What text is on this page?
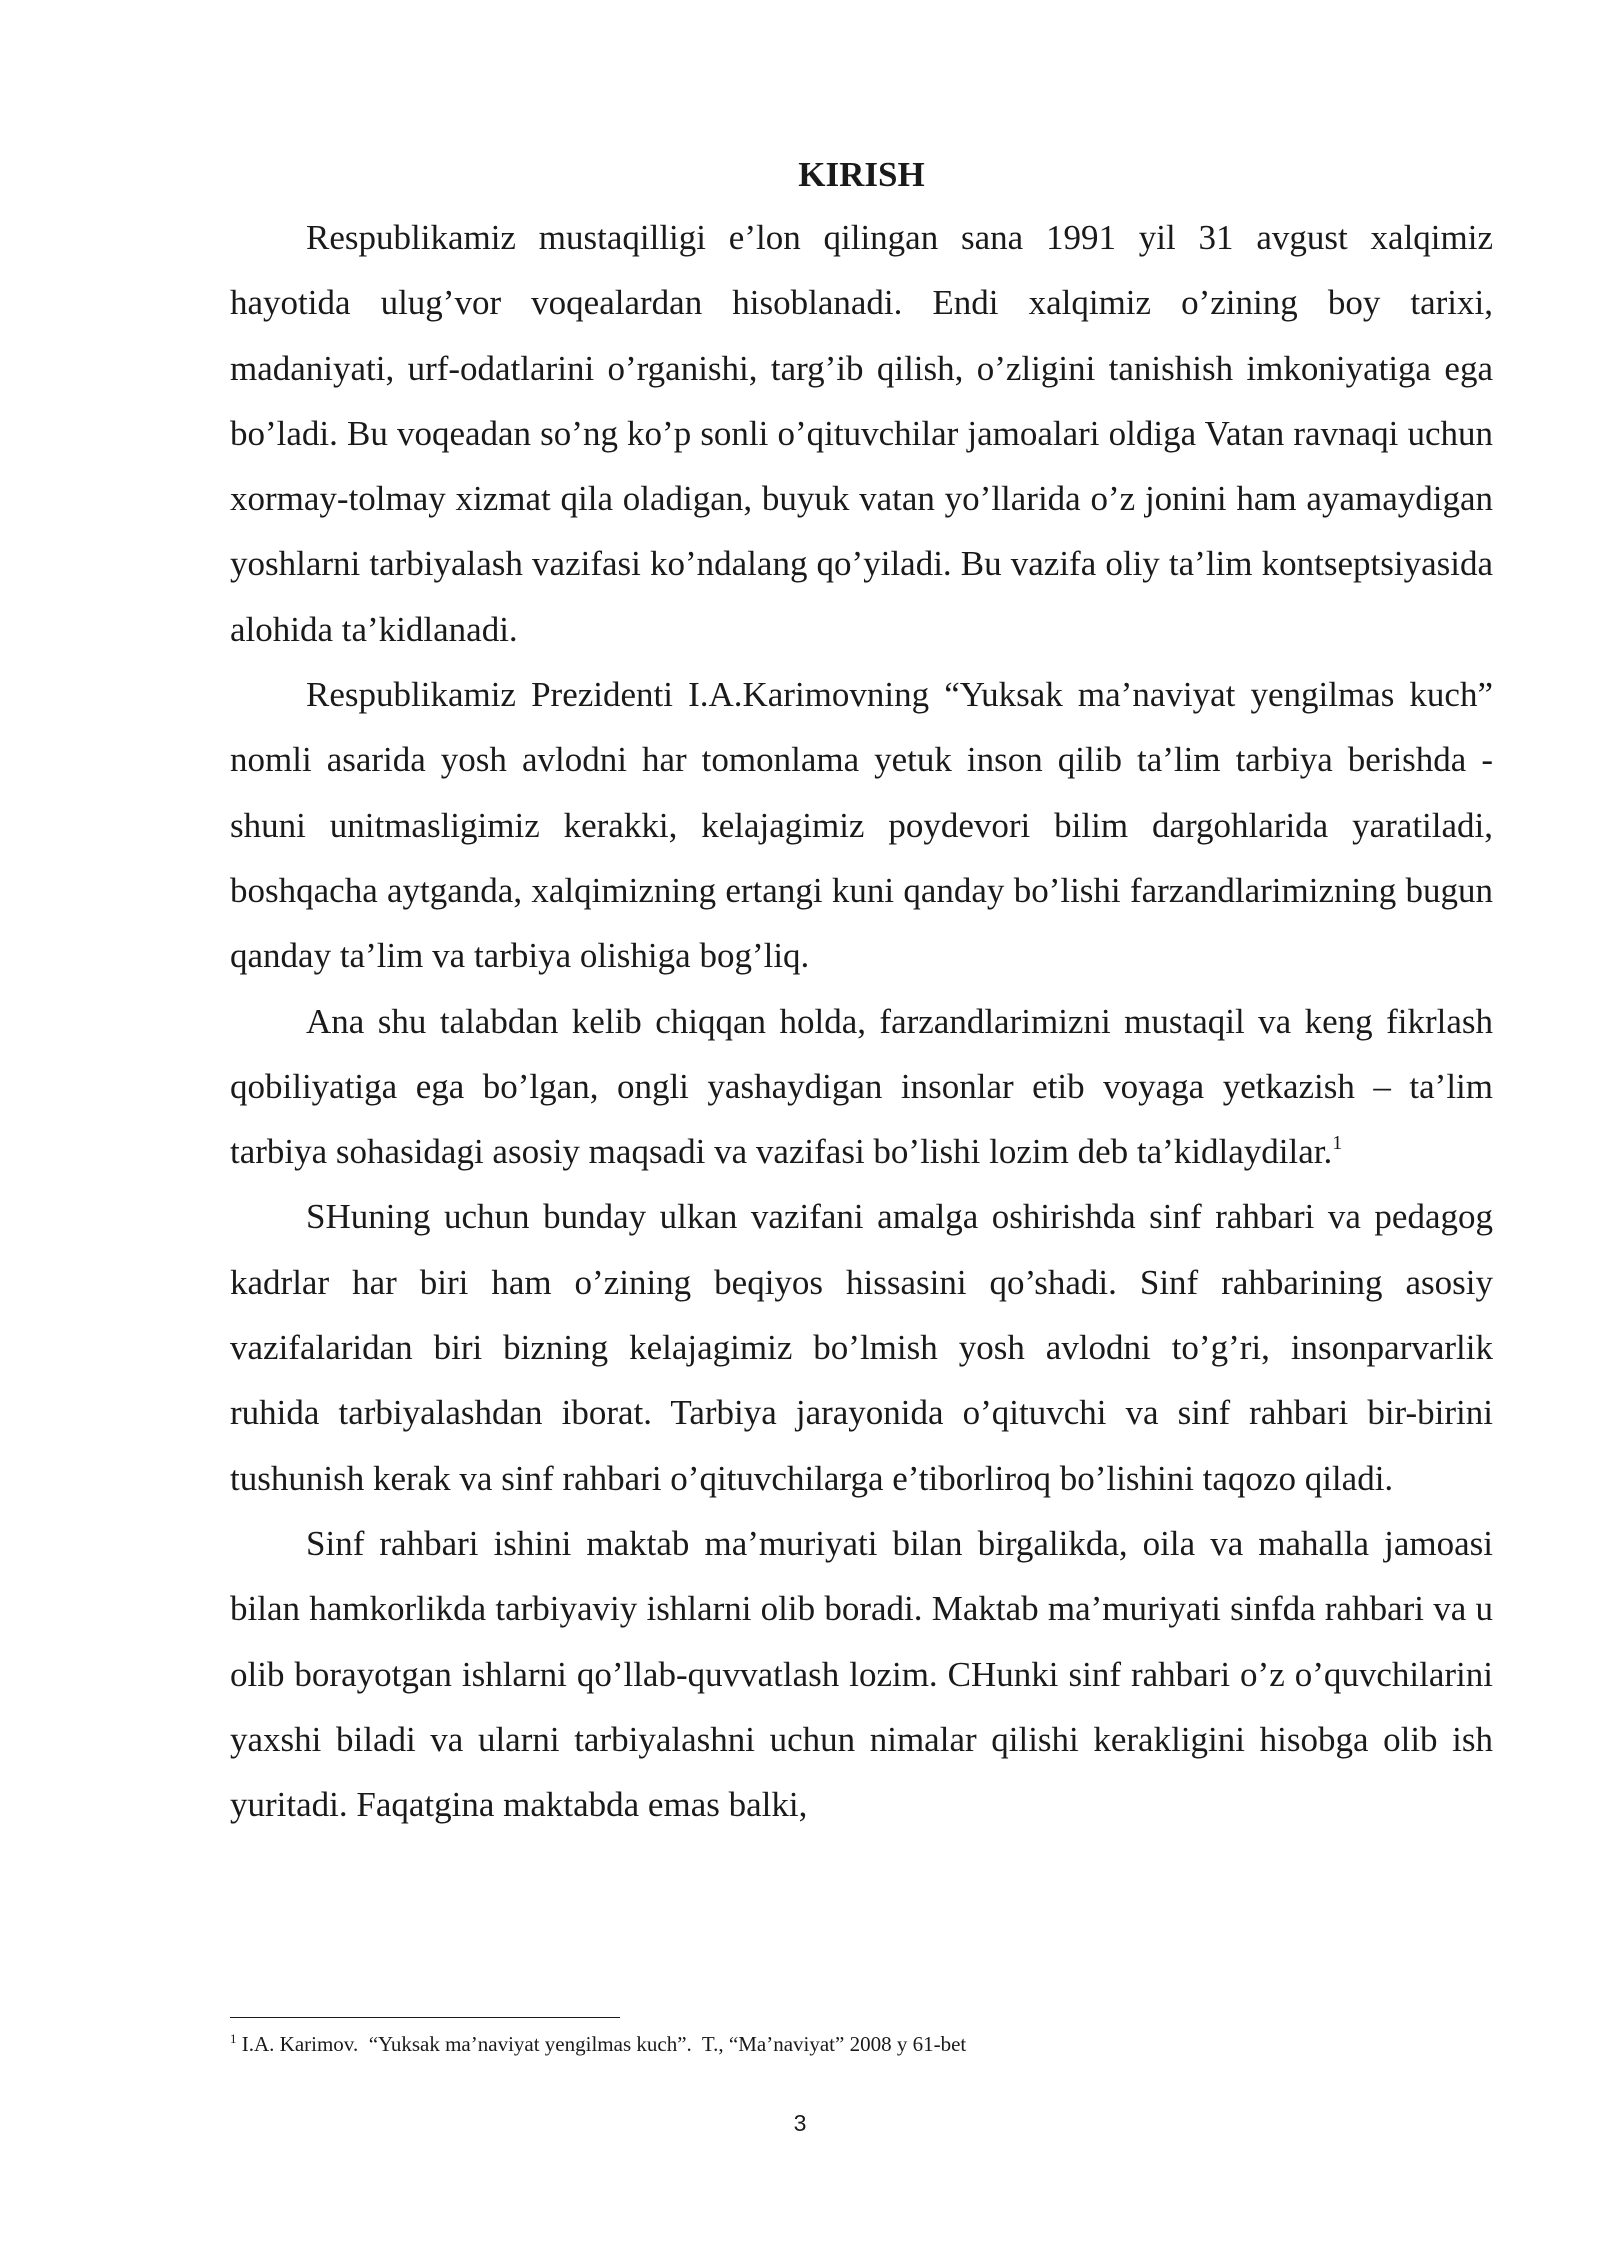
KIRISH

Respublikamiz mustaqilligi e’lon qilingan sana 1991 yil 31 avgust xalqimiz hayotida ulug’vor voqealardan hisoblanadi. Endi xalqimiz o’zining boy tarixi, madaniyati, urf-odatlarini o’rganishi, targ’ib qilish, o’zligini tanishish imkoniyatiga ega bo’ladi. Bu voqeadan so’ng ko’p sonli o’qituvchilar jamoalari oldiga Vatan ravnaqi uchun xormay-tolmay xizmat qila oladigan, buyuk vatan yo’llarida o’z jonini ham ayamaydigan yoshlarni tarbiyalash vazifasi ko’ndalang qo’yiladi. Bu vazifa oliy ta’lim kontseptsiyasida alohida ta’kidlanadi.

Respublikamiz Prezidenti I.A.Karimovning “Yuksak ma’naviyat yengilmas kuch” nomli asarida yosh avlodni har tomonlama yetuk inson qilib ta’lim tarbiya berishda - shuni unitmasligimiz kerakki, kelajagimiz poydevori bilim dargohlarida yaratiladi, boshqacha aytganda, xalqimizning ertangi kuni qanday bo’lishi farzandlarimizning bugun qanday ta’lim va tarbiya olishiga bog’liq.

Ana shu talabdan kelib chiqqan holda, farzandlarimizni mustaqil va keng fikrlash qobiliyatiga ega bo’lgan, ongli yashaydigan insonlar etib voyaga yetkazish – ta’lim tarbiya sohasidagi asosiy maqsadi va vazifasi bo’lishi lozim deb ta’kidlaydilar.$^1$

SHuning uchun bunday ulkan vazifani amalga oshirishda sinf rahbari va pedagog kadrlar har biri ham o’zining beqiyos hissasini qo’shadi. Sinf rahbarining asosiy vazifalaridan biri bizning kelajagimiz bo’lmish yosh avlodni to’g’ri, insonparvarlik ruhida tarbiyalashdan iborat. Tarbiya jarayonida o’qituvchi va sinf rahbari bir-birini tushunish kerak va sinf rahbari o’qituvchilarga e’tiborliroq bo’lishini taqozo qiladi.

Sinf rahbari ishini maktab ma’muriyati bilan birgalikda, oila va mahalla jamoasi bilan hamkorlikda tarbiyaviy ishlarni olib boradi. Maktab ma’muriyati sinfda rahbari va u olib borayotgan ishlarni qo’llab-quvvatlash lozim. CHunki sinf rahbari o’z o’quvchilarini yaxshi biladi va ularni tarbiyalashni uchun nimalar qilishi kerakligini hisobga olib ish yuritadi. Faqatgina maktabda emas balki,

$^1$ I.A. Karimov.  “Yuksak ma’naviyat yengilmas kuch”.  T., “Ma’naviyat” 2008 y 61-bet

3
